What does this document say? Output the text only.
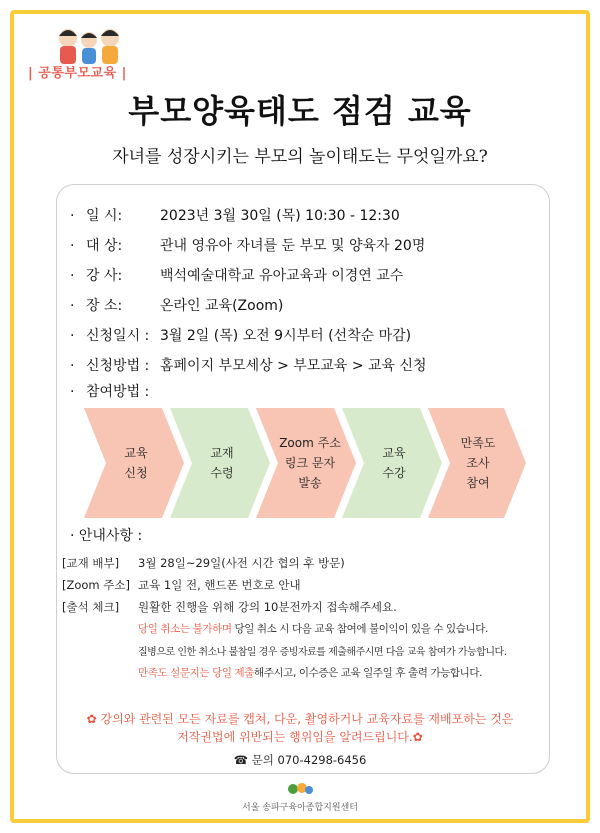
| 공통부모교육 |
부모양육태도 점검 교육
자녀를 성장시키는 부모의 놀이태도는 무엇일까요?
· 일 시:	2023년 3월 30일 (목) 10:30 - 12:30
· 대 상:	관내 영유아 자녀를 둔 부모 및 양육자 20명
· 강 사:	백석예술대학교 유아교육과 이경연 교수
· 장 소:	온라인 교육(Zoom)
· 신청일시 : 3월 2일 (목) 오전 9시부터 (선착순 마감)
· 신청방법 : 홈페이지 부모세상 > 부모교육 > 교육 신청
· 참여방법 :
교육
신청
교재
수령
Zoom 주소
링크 문자
발송
교육
수강
만족도
조사
참여
· 안내사항 :
[교재 배부] 3월 28일~29일(사전 시간 협의 후 방문)
[Zoom 주소] 교육 1일 전, 핸드폰 번호로 안내
[출석 체크] 원활한 진행을 위해 강의 10분전까지 접속해주세요.
당일 취소는 불가하며 당일 취소 시 다음 교육 참여에 불이익이 있을 수 있습니다.
질병으로 인한 취소나 불참일 경우 증빙자료를 제출해주시면 다음 교육 참여가 가능합니다.
만족도 설문지는 당일 제출해주시고, 이수증은 교육 일주일 후 출력 가능합니다.
✿ 강의와 관련된 모든 자료를 캡쳐, 다운, 촬영하거나 교육자료를 재배포하는 것은
저작권법에 위반되는 행위임을 알려드립니다.✿
☎ 문의 070-4298-6456
서울 송파구육아종합지원센터
